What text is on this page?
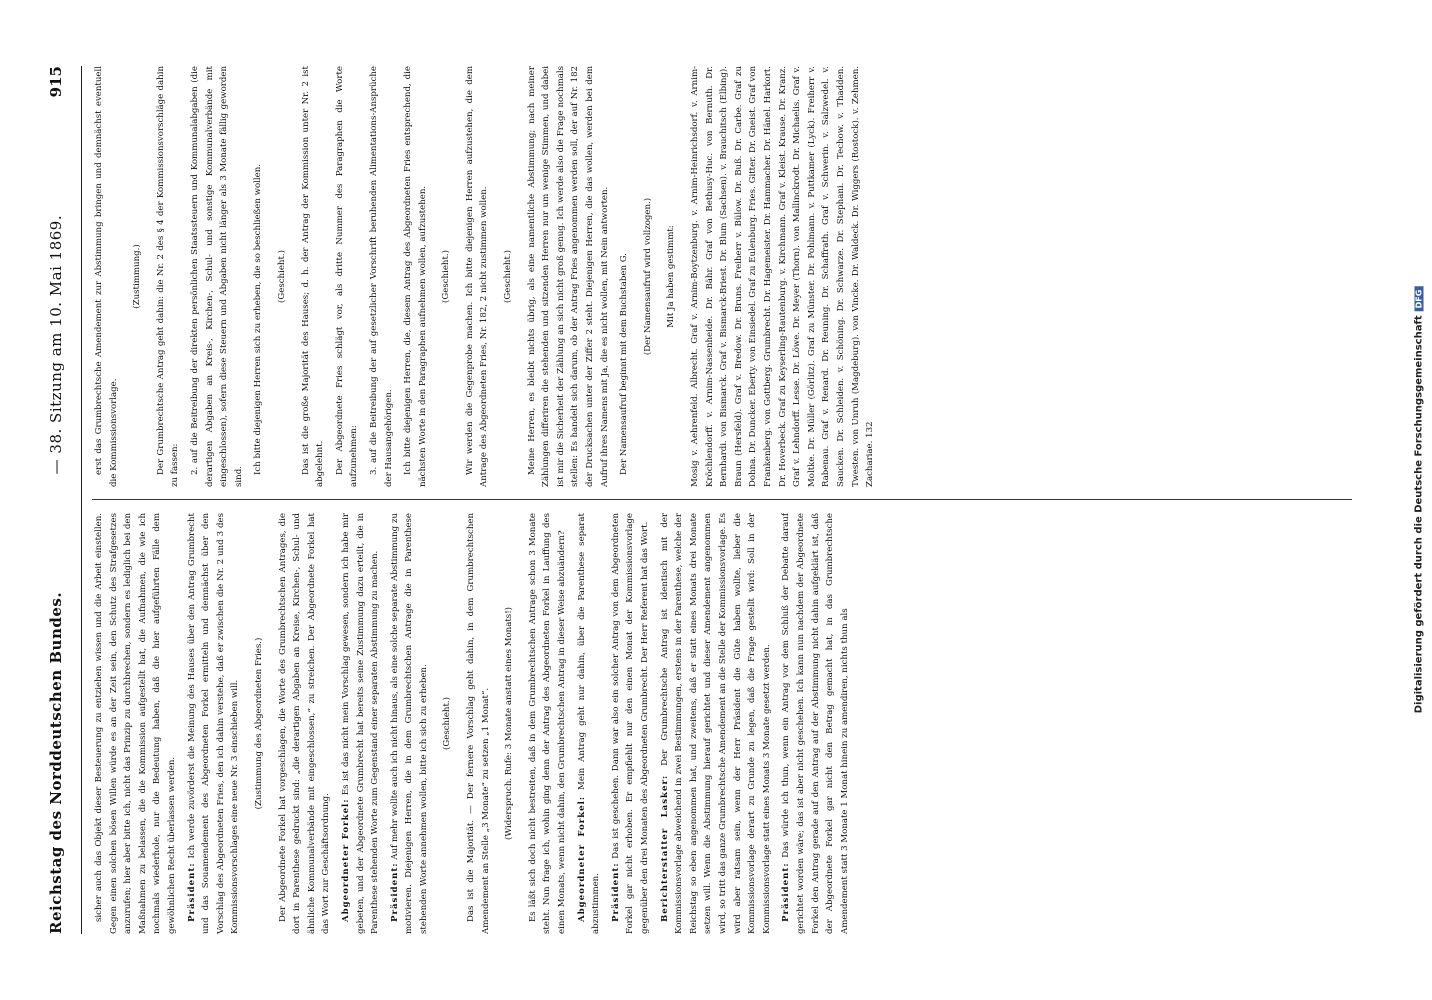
Reichstag des Norddeutschen Bundes.
— 38. Sitzung am 10. Mai 1869.
915

sicher auch das Objekt dieser Besteuerung zu entziehen wissen und die Arbeit einstellen. Gegen einen solchen bösen Willen würde es an der Zeit sein, den Schutz des Strafgesetzes anzurufen; hier aber bitte ich, nicht das Prinzip zu durchbrechen, sondern es lediglich bei den Maßnahmen zu belassen, die die Kommission aufgestellt hat, die Aufnahmen, die wie ich nochmals wiederhole, nur die Bedeutung haben, daß die hier aufgeführten Fälle dem gewöhnlichen Recht überlassen werden.	Präsident: Ich werde zuvörderst die Meinung des Hauses über den Antrag Grumbrecht und das Souamendement des Abgeordneten Forkel ermitteln und demnächst über den Vorschlag des Abgeordneten Fries, den ich dahin verstehe, daß er zwischen die Nr. 2 und 3 des Kommissionsvorschlages eine neue Nr. 3 einschieben will.	(Zustimmung des Abgeordneten Fries.)	Der Abgeordnete Forkel hat vorgeschlagen, die Worte des Grumbrechtschen Antrages, die dort in Parenthese gedruckt sind: „die derartigen Abgaben an Kreise, Kirchen-, Schul- und ähnliche Kommunalverbände mit eingeschlossen,“ zu streichen. Der Abgeordnete Forkel hat das Wort zur Geschäftsordnung.	Abgeordneter Forkel: Es ist das nicht mein Vorschlag gewesen, sondern ich habe mir gebeten, und der Abgeordnete Grumbrecht hat bereits seine Zustimmung dazu erteilt, die in Parenthese stehenden Worte zum Gegenstand einer separaten Abstimmung zu machen.	Präsident: Auf mehr wollte auch ich nicht hinaus, als eine solche separate Abstimmung zu motivieren. Diejenigen Herren, die in dem Grumbrechtschen Antrage die in Parenthese stehenden Worte annehmen wollen, bitte ich sich zu erheben.	(Geschieht.)	Das ist die Majorität. — Der fernere Vorschlag geht dahin, in dem Grumbrechtschen Amendement an Stelle „3 Monate“ zu setzen „1 Monat“.	(Widerspruch. Rufe: 3 Monate anstatt eines Monats!)	Es läßt sich doch nicht bestreiten, daß in dem Grumbrechtschen Antrage schon 3 Monate steht. Nun frage ich, wohin ging denn der Antrag des Abgeordneten Forkel in Lauffung des einen Monats, wenn nicht dahin, den Grumbrechtschen Antrag in dieser Weise abzuändern?	Abgeordneter Forkel: Mein Antrag geht nur dahin, über die Parenthese separat abzustimmen.	Präsident: Das ist geschehen. Dann war also ein solcher Antrag von dem Abgeordneten Forkel gar nicht erhoben. Er empfiehlt nur den einen Monat der Kommissionsvorlage gegenüber den drei Monaten des Abgeordneten Grumbrecht. Der Herr Referent hat das Wort.	Berichterstatter Lasker: Der Grumbrechtsche Antrag ist identisch mit der Kommissionsvorlage abweichend in zwei Bestimmungen, erstens in der Parenthese, welche der Reichstag so eben angenommen hat, und zweitens, daß er statt eines Monats drei Monate setzen will. Wenn die Abstimmung hierauf gerichtet und dieser Amendement angenommen wird, so tritt das ganze Grumbrechtsche Amendement an die Stelle der Kommissionsvorlage. Es wird aber ratsam sein, wenn der Herr Präsident die Güte haben wollte, lieber die Kommissionsvorlage derart zu Grunde zu legen, daß die Frage gestellt wird: Soll in der Kommissionsvorlage statt eines Monats 3 Monate gesetzt werden.	Präsident: Das würde ich thun, wenn ein Antrag vor dem Schluß der Debatte darauf gerichtet worden wäre; das ist aber nicht geschehen. Ich kann nun nachdem der Abgeordnete Forkel den Antrag gerade auf den Antrag auf der Abstimmung nicht dahin aufgeklärt ist, daß der Abgeordnete Forkel gar nicht den Betrag gemacht hat, in das Grumbrechtsche Amendement statt 3 Monate 1 Monat hinein zu amendiren, nichts thun als

erst das Grumbrechtsche Amendement zur Abstimmung bringen und demnächst eventuell die Kommissionsvorlage.

(Zustimmung.)	Der Grumbrechtsche Antrag geht dahin: die Nr. 2 des § 4 der Kommissionsvorschläge dahin zu fassen:	2. auf die Beitreibung der direkten persönlichen Staatssteuern und Kommunalabgaben (die derartigen Abgaben an Kreis-, Kirchen-, Schul- und sonstige Kommunalverbände mit eingeschlossen), sofern diese Steuern und Abgaben nicht länger als 3 Monate fällig geworden sind.

Ich bitte diejenigen Herren sich zu erheben, die so beschließen wollen.	(Geschieht.)	Das ist die große Majorität des Hauses; d. h. der Antrag der Kommission unter Nr. 2 ist abgelehnt.	Der Abgeordnete Fries schlägt vor, als dritte Nummer des Paragraphen die Worte aufzunehmen:	3. auf die Beitreibung der auf gesetzlicher Vorschrift beruhenden Alimentations-Ansprüche der Hausangehörigen.	Ich bitte diejenigen Herren, die, diesem Antrag des Abgeordneten Fries entsprechend, die nächsten Worte in den Paragraphen aufnehmen wollen, aufzustehen.	(Geschieht.)	Wir werden die Gegenprobe machen. Ich bitte diejenigen Herren aufzustehen, die dem Antrage des Abgeordneten Fries, Nr. 182, 2 nicht zustimmen wollen.	(Geschieht.)	Meine Herren, es bleibt nichts übrig, als eine namentliche Abstimmung; nach meiner Zählungen differiren die stehenden und sitzenden Herren nur um wenige Stimmen, und dabei ist mir die Sicherheit der Zählung an sich nicht groß genug. Ich werde also die Frage nochmals stellen: Es handelt sich darum, ob der Antrag Fries angenommen werden soll, der auf Nr. 182 der Drucksachen unter der Ziffer 2 steht. Diejenigen Herren, die das wollen, werden bei dem Aufruf ihres Namens mit Ja, die es nicht wollen, mit Nein antworten.	Der Namensaufruf beginnt mit dem Buchstaben G.	(Der Namensaufruf wird vollzogen.)	Mit Ja haben gestimmt:	Mosig v. Aehrenfeld. Albrecht. Graf v. Arnim-Boytzenburg. v. Arnim-Heinrichsdorf. v. Arnim-Kröchlendorff. v. Arnim-Nassenheide. Dr. Bähr. Graf von Bethusy-Huc. von Bernuth. Dr. Bernhardi. von Bismarck. Graf v. Bismarck-Briest. Dr. Blum (Sachsen). v. Brauchitsch (Elbing). Braun (Hersfeld). Graf v. Bredow. Dr. Bruns. Freiherr v. Bülow. Dr. Buß. Dr. Carbe. Graf zu Dohna. Dr. Duncker. Eberty. von Einsiedel. Graf zu Eulenburg. Fries. Gitter. Dr. Gneist. Graf von Frankenberg. von Gottberg. Grumbrecht. Dr. Hagemeister. Dr. Hammacher. Dr. Hänel. Harkort. Dr. Hoverbeck. Graf zu Keyserling-Rautenburg. v. Kirchmann. Graf v. Kleist. Krause. Dr. Kranz. Graf v. Lehndorff. Lesse. Dr. Löwe. Dr. Meyer (Thorn). von Mallinckrodt. Dr. Michaelis. Graf v. Moltke. Dr. Müller (Görlitz). Graf zu Münster. Dr. Pohlmann. v. Puttkamer (Lyck). Freiherr v. Rabenau. Graf v. Renard. Dr. Reuning. Dr. Schaffrath. Graf v. Schwerin. v. Salzwedel. v. Saucken. Dr. Schleiden. v. Schöning. Dr. Schwarze. Dr. Stephani. Dr. Techow. v. Thadden. Twesten. von Unruh (Magdeburg). von Vincke. Dr. Waldeck. Dr. Wiggers (Rostock). v. Zehmen. Zachariae. 132	Digitalisierung gefördert durch die Deutsche ForschungsgemeinschaftDFG
